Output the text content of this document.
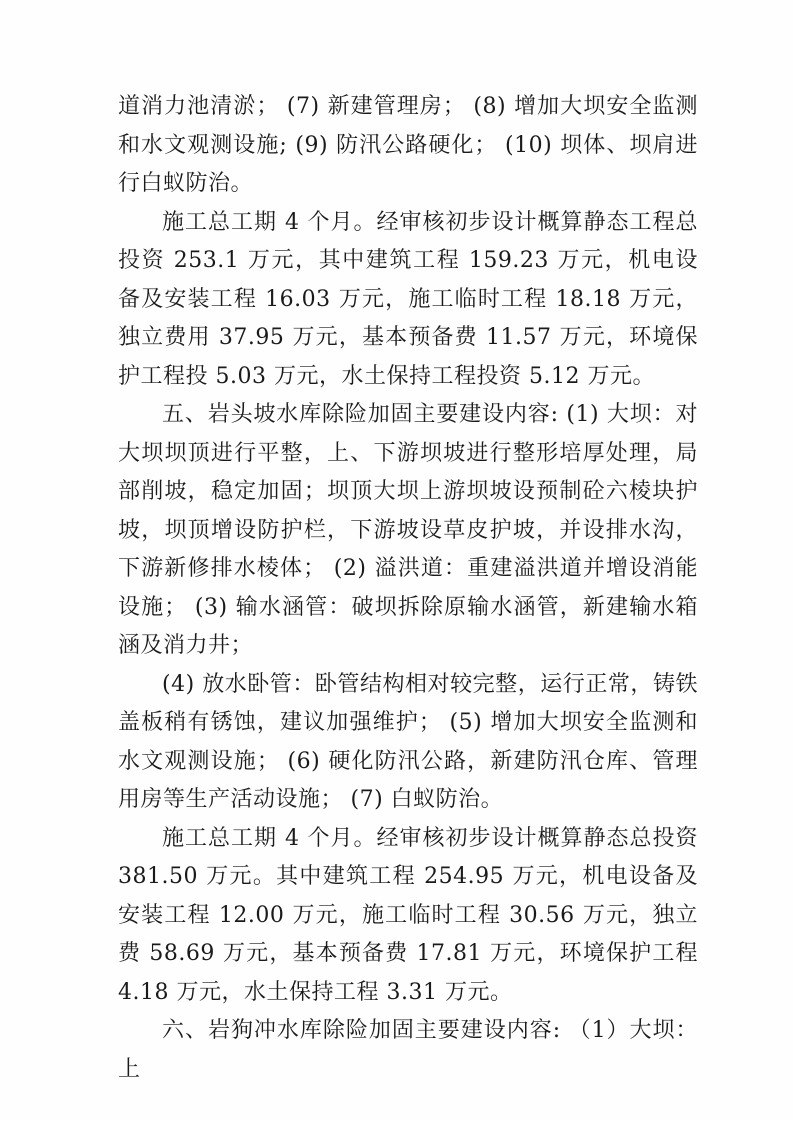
道消力池清淤； (7) 新建管理房； (8) 增加大坝安全监测和水文观测设施; (9) 防汛公路硬化； (10) 坝体、坝肩进行白蚁防治。

施工总工期 4 个月。经审核初步设计概算静态工程总投资 253.1 万元，其中建筑工程 159.23 万元，机电设备及安装工程 16.03 万元，施工临时工程 18.18 万元，独立费用 37.95 万元，基本预备费 11.57 万元，环境保护工程投 5.03 万元，水土保持工程投资 5.12 万元。

五、岩头坡水库除险加固主要建设内容: (1) 大坝：对大坝坝顶进行平整，上、下游坝坡进行整形培厚处理，局部削坡，稳定加固；坝顶大坝上游坝坡设预制砼六棱块护坡，坝顶增设防护栏，下游坡设草皮护坡，并设排水沟，下游新修排水棱体； (2) 溢洪道：重建溢洪道并增设消能设施； (3) 输水涵管：破坝拆除原输水涵管，新建输水箱涵及消力井；

(4) 放水卧管：卧管结构相对较完整，运行正常，铸铁盖板稍有锈蚀，建议加强维护； (5) 增加大坝安全监测和水文观测设施； (6) 硬化防汛公路，新建防汛仓库、管理用房等生产活动设施； (7) 白蚁防治。

施工总工期 4 个月。经审核初步设计概算静态总投资 381.50 万元。其中建筑工程 254.95 万元，机电设备及安装工程 12.00 万元，施工临时工程 30.56 万元，独立费 58.69 万元，基本预备费 17.81 万元，环境保护工程 4.18 万元，水土保持工程 3.31 万元。

六、岩狗冲水库除险加固主要建设内容: （1）大坝：上
